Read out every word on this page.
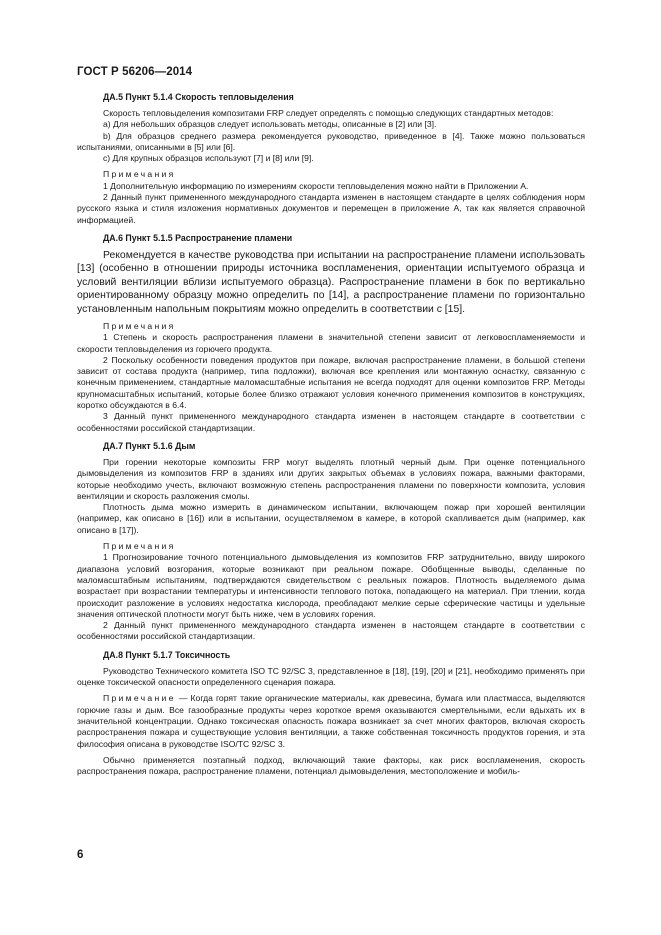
ГОСТ Р 56206—2014
ДА.5 Пункт 5.1.4 Скорость тепловыделения

Скорость тепловыделения композитами FRP следует определять с помощью следующих стандартных методов:

a) Для небольших образцов следует использовать методы, описанные в [2] или [3].

b) Для образцов среднего размера рекомендуется руководство, приведенное в [4]. Также можно пользоваться испытаниями, описанными в [5] или [6].

c) Для крупных образцов используют [7] и [8] или [9].

Примечания

1 Дополнительную информацию по измерениям скорости тепловыделения можно найти в Приложении А.

2 Данный пункт примененного международного стандарта изменен в настоящем стандарте в целях соблюдения норм русского языка и стиля изложения нормативных документов и перемещен в приложение А, так как является справочной информацией.

ДА.6 Пункт 5.1.5 Распространение пламени

Рекомендуется в качестве руководства при испытании на распространение пламени использовать [13] (особенно в отношении природы источника воспламенения, ориентации испытуемого образца и условий вентиляции вблизи испытуемого образца). Распространение пламени в бок по вертикально ориентированному образцу можно определить по [14], а распространение пламени по горизонтально установленным напольным покрытиям можно определить в соответствии с [15].

Примечания

1 Степень и скорость распространения пламени в значительной степени зависит от легковоспламеняемости и скорости тепловыделения из горючего продукта.

2 Поскольку особенности поведения продуктов при пожаре, включая распространение пламени, в большой степени зависит от состава продукта (например, типа подложки), включая все крепления или монтажную оснастку, связанную с конечным применением, стандартные маломасштабные испытания не всегда подходят для оценки композитов FRP. Методы крупномасштабных испытаний, которые более близко отражают условия конечного применения композитов в конструкциях, коротко обсуждаются в 6.4.

3 Данный пункт примененного международного стандарта изменен в настоящем стандарте в соответствии с особенностями российской стандартизации.

ДА.7 Пункт 5.1.6 Дым

При горении некоторые композиты FRP могут выделять плотный черный дым. При оценке потенциального дымовыделения из композитов FRP в зданиях или других закрытых объемах в условиях пожара, важными факторами, которые необходимо учесть, включают возможную степень распространения пламени по поверхности композита, условия вентиляции и скорость разложения смолы.

Плотность дыма можно измерить в динамическом испытании, включающем пожар при хорошей вентиляции (например, как описано в [16]) или в испытании, осуществляемом в камере, в которой скапливается дым (например, как описано в [17]).

Примечания

1 Прогнозирование точного потенциального дымовыделения из композитов FRP затруднительно, ввиду широкого диапазона условий возгорания, которые возникают при реальном пожаре. Обобщенные выводы, сделанные по маломасштабным испытаниям, подтверждаются свидетельством с реальных пожаров. Плотность выделяемого дыма возрастает при возрастании температуры и интенсивности теплового потока, попадающего на материал. При тлении, когда происходит разложение в условиях недостатка кислорода, преобладают мелкие серые сферические частицы и удельные значения оптической плотности могут быть ниже, чем в условиях горения.

2 Данный пункт примененного международного стандарта изменен в настоящем стандарте в соответствии с особенностями российской стандартизации.

ДА.8 Пункт 5.1.7 Токсичность

Руководство Технического комитета ISO TC 92/SC 3, представленное в [18], [19], [20] и [21], необходимо применять при оценке токсической опасности определенного сценария пожара.

Примечание — Когда горят такие органические материалы, как древесина, бумага или пластмасса, выделяются горючие газы и дым. Все газообразные продукты через короткое время оказываются смертельными, если вдыхать их в значительной концентрации. Однако токсическая опасность пожара возникает за счет многих факторов, включая скорость распространения пожара и существующие условия вентиляции, а также собственная токсичность продуктов горения, и эта философия описана в руководстве ISO/TC 92/SC 3.

Обычно применяется поэтапный подход, включающий такие факторы, как риск воспламенения, скорость распространения пожара, распространение пламени, потенциал дымовыделения, местоположение и мобиль-

6
